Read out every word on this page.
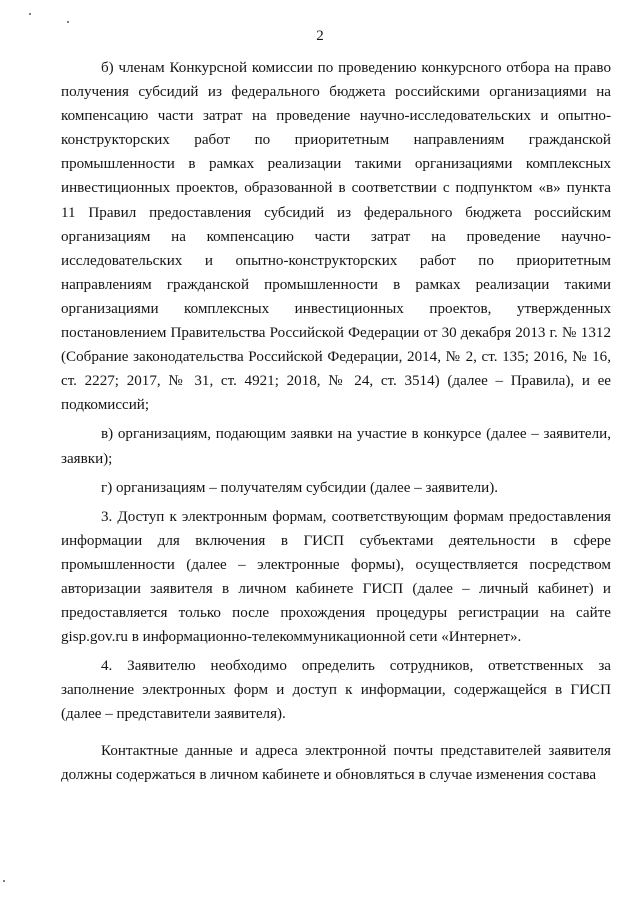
2

б) членам Конкурсной комиссии по проведению конкурсного отбора на право получения субсидий из федерального бюджета российскими организациями на компенсацию части затрат на проведение научно-исследовательских и опытно-конструкторских работ по приоритетным направлениям гражданской промышленности в рамках реализации такими организациями комплексных инвестиционных проектов, образованной в соответствии с подпунктом «в» пункта 11 Правил предоставления субсидий из федерального бюджета российским организациям на компенсацию части затрат на проведение научно-исследовательских и опытно-конструкторских работ по приоритетным направлениям гражданской промышленности в рамках реализации такими организациями комплексных инвестиционных проектов, утвержденных постановлением Правительства Российской Федерации от 30 декабря 2013 г. № 1312 (Собрание законодательства Российской Федерации, 2014, № 2, ст. 135; 2016, № 16, ст. 2227; 2017, № 31, ст. 4921; 2018, № 24, ст. 3514) (далее – Правила), и ее подкомиссий;

в) организациям, подающим заявки на участие в конкурсе (далее – заявители, заявки);

г) организациям – получателям субсидии (далее – заявители).

3. Доступ к электронным формам, соответствующим формам предоставления информации для включения в ГИСП субъектами деятельности в сфере промышленности (далее – электронные формы), осуществляется посредством авторизации заявителя в личном кабинете ГИСП (далее – личный кабинет) и предоставляется только после прохождения процедуры регистрации на сайте gisp.gov.ru в информационно-телекоммуникационной сети «Интернет».

4. Заявителю необходимо определить сотрудников, ответственных за заполнение электронных форм и доступ к информации, содержащейся в ГИСП (далее – представители заявителя).

Контактные данные и адреса электронной почты представителей заявителя должны содержаться в личном кабинете и обновляться в случае изменения состава
